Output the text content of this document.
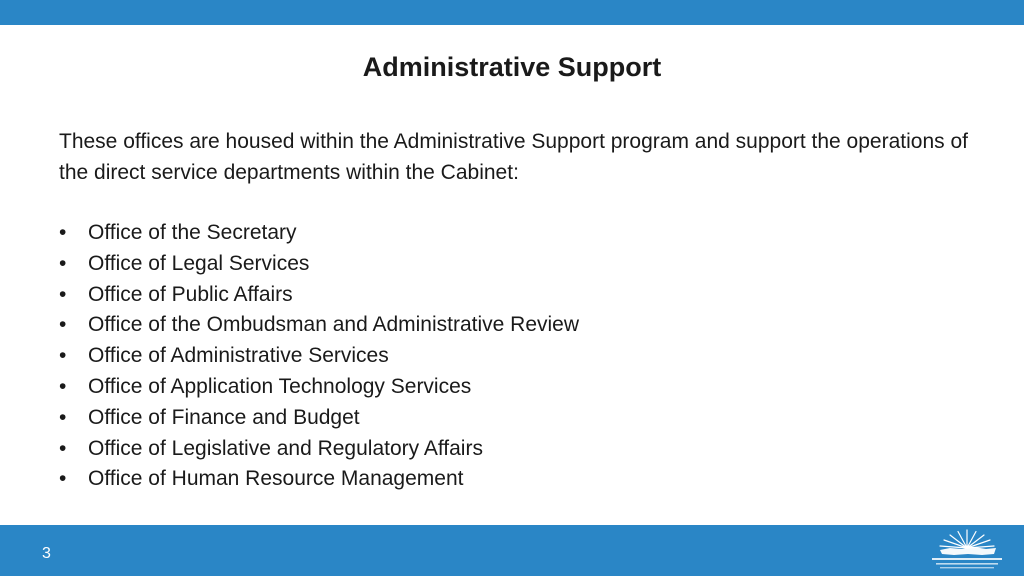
Administrative Support

These offices are housed within the Administrative Support program and support the operations of the direct service departments within the Cabinet:

•	Office of the Secretary
•	Office of Legal Services
•	Office of Public Affairs
•	Office of the Ombudsman and Administrative Review
•	Office of Administrative Services
•	Office of Application Technology Services
•	Office of Finance and Budget
•	Office of Legislative and Regulatory Affairs
•	Office of Human Resource Management
3
